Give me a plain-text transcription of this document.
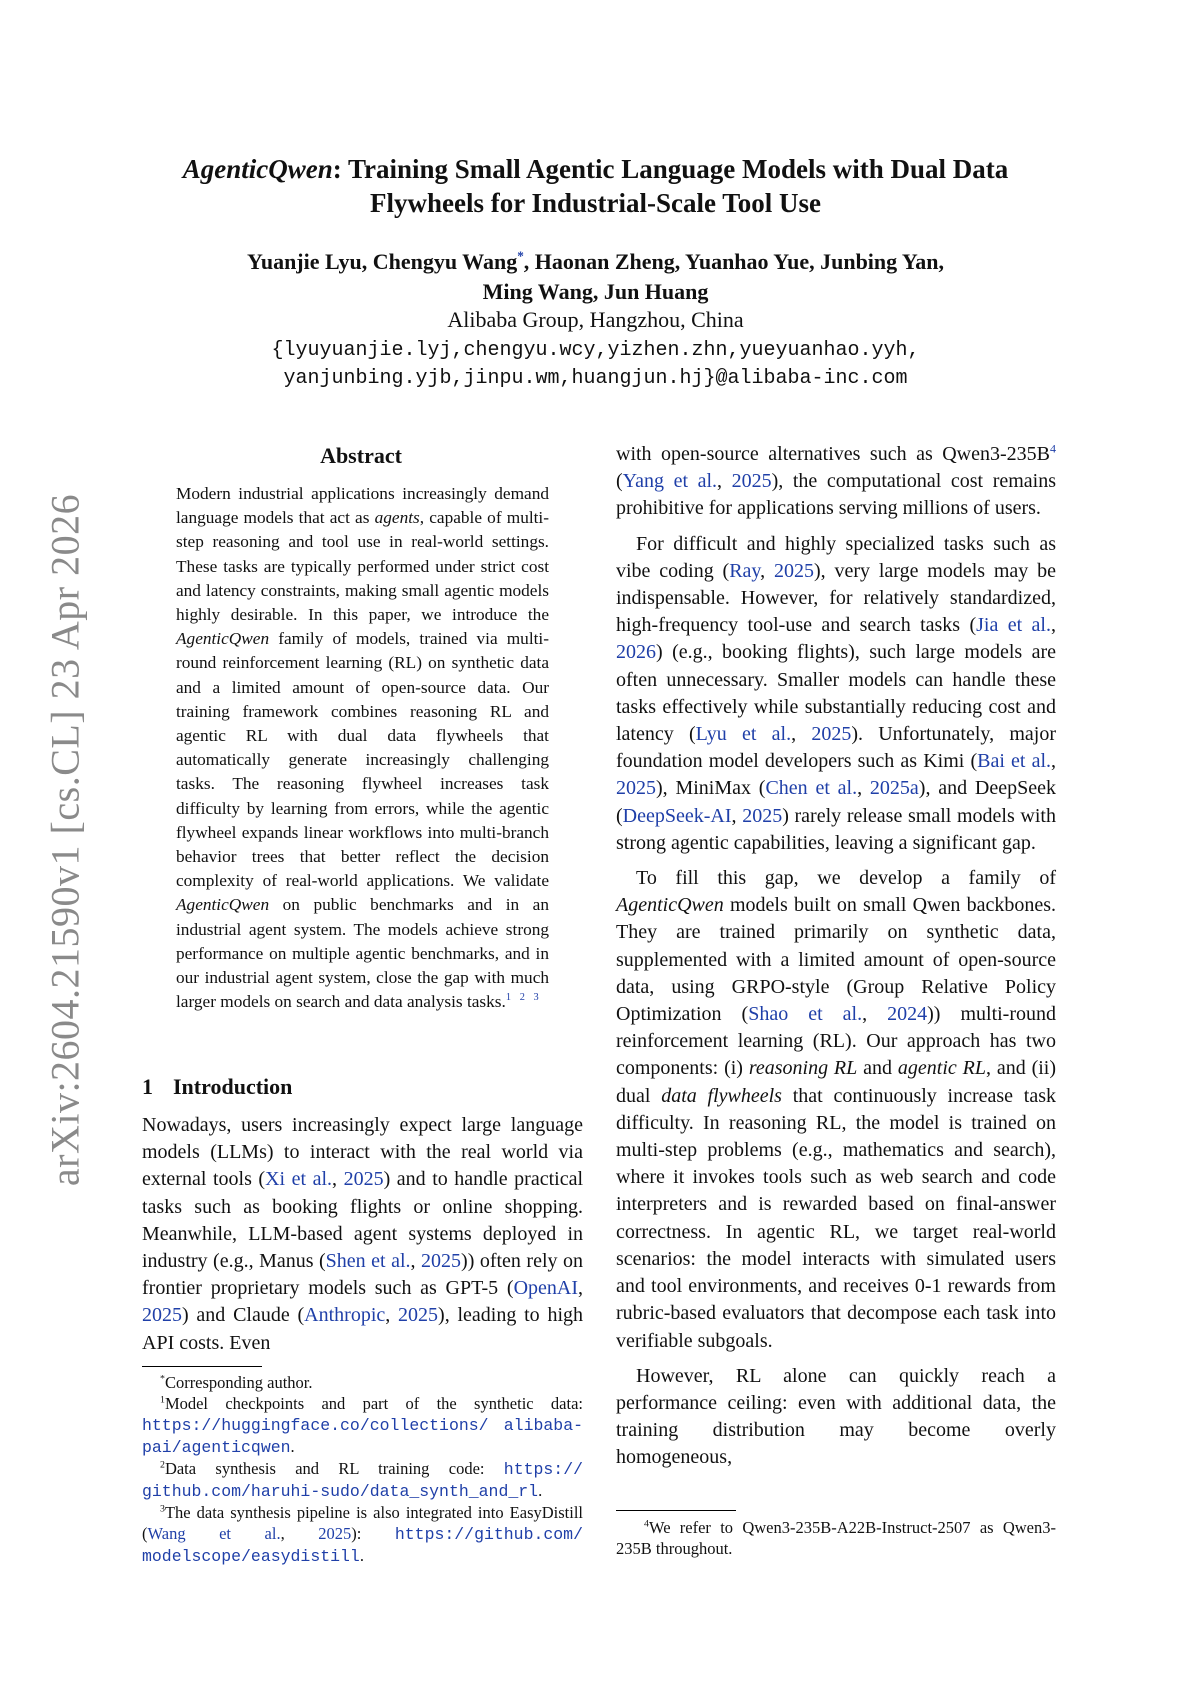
arXiv:2604.21590v1 [cs.CL] 23 Apr 2026
AgenticQwen: Training Small Agentic Language Models with Dual Data Flywheels for Industrial-Scale Tool Use
Yuanjie Lyu, Chengyu Wang*, Haonan Zheng, Yuanhao Yue, Junbing Yan,
Ming Wang, Jun Huang
Alibaba Group, Hangzhou, China
{lyuyuanjie.lyj,chengyu.wcy,yizhen.zhn,yueyuanhao.yyh,
yanjunbing.yjb,jinpu.wm,huangjun.hj}@alibaba-inc.com
Abstract
Modern industrial applications increasingly demand language models that act as agents, capable of multi-step reasoning and tool use in real-world settings. These tasks are typically performed under strict cost and latency constraints, making small agentic models highly desirable. In this paper, we introduce the AgenticQwen family of models, trained via multi-round reinforcement learning (RL) on synthetic data and a limited amount of open-source data. Our training framework combines reasoning RL and agentic RL with dual data flywheels that automatically generate increasingly challenging tasks. The reasoning flywheel increases task difficulty by learning from errors, while the agentic flywheel expands linear workflows into multi-branch behavior trees that better reflect the decision complexity of real-world applications. We validate AgenticQwen on public benchmarks and in an industrial agent system. The models achieve strong performance on multiple agentic benchmarks, and in our industrial agent system, close the gap with much larger models on search and data analysis tasks.$^1$ $^2$ $^3$
1 Introduction
Nowadays, users increasingly expect large language models (LLMs) to interact with the real world via external tools (Xi et al., 2025) and to handle practical tasks such as booking flights or online shopping. Meanwhile, LLM-based agent systems deployed in industry (e.g., Manus (Shen et al., 2025)) often rely on frontier proprietary models such as GPT-5 (OpenAI, 2025) and Claude (Anthropic, 2025), leading to high API costs. Even

with open-source alternatives such as $Qwen3-235B^4$ (Yang et al., 2025), the computational cost remains prohibitive for applications serving millions of users.

For difficult and highly specialized tasks such as vibe coding (Ray, 2025), very large models may be indispensable. However, for relatively standardized, high-frequency tool-use and search tasks (Jia et al., 2026) (e.g., booking flights), such large models are often unnecessary. Smaller models can handle these tasks effectively while substantially reducing cost and latency (Lyu et al., 2025). Unfortunately, major foundation model developers such as Kimi (Bai et al., 2025), MiniMax (Chen et al., 2025a), and DeepSeek (DeepSeek-AI, 2025) rarely release small models with strong agentic capabilities, leaving a significant gap.

To fill this gap, we develop a family of AgenticQwen models built on small Qwen backbones. They are trained primarily on synthetic data, supplemented with a limited amount of open-source data, using GRPO-style (Group Relative Policy Optimization (Shao et al., 2024)) multi-round reinforcement learning (RL). Our approach has two components: (i) reasoning RL and agentic RL, and (ii) dual data flywheels that continuously increase task difficulty. In reasoning RL, the model is trained on multi-step problems (e.g., mathematics and search), where it invokes tools such as web search and code interpreters and is rewarded based on final-answer correctness. In agentic RL, we target real-world scenarios: the model interacts with simulated users and tool environments, and receives 0-1 rewards from rubric-based evaluators that decompose each task into verifiable subgoals.

However, RL alone can quickly reach a performance ceiling: even with additional data, the training distribution may become overly homogeneous,

*Corresponding author.
$^1$Model checkpoints and part of the synthetic data: https://huggingface.co/collections/ alibaba-pai/agenticqwen.
$^2$Data synthesis and RL training code: https:// github.com/haruhi-sudo/data_synth_and_rl.
$^3$The data synthesis pipeline is also integrated into EasyDistill (Wang et al., 2025): https://github.com/ modelscope/easydistill.
$^4$We refer to Qwen3-235B-A22B-Instruct-2507 as Qwen3-235B throughout.
